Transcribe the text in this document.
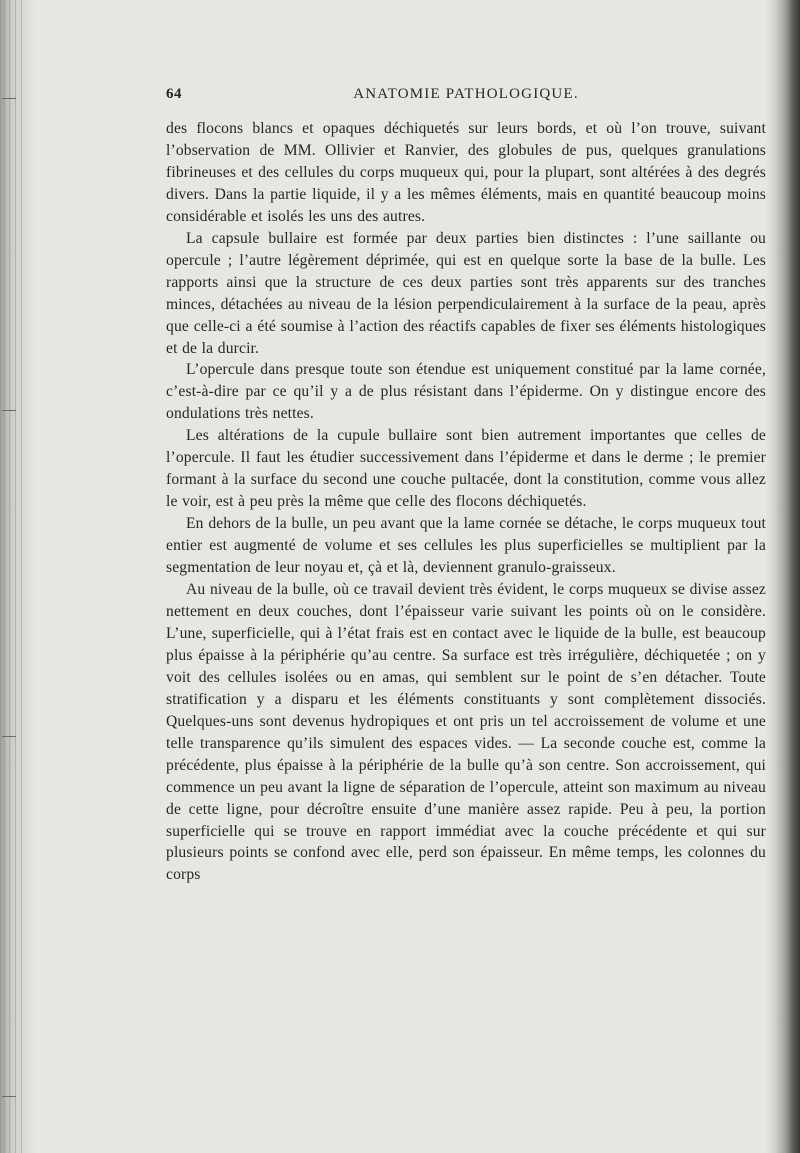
64	ANATOMIE PATHOLOGIQUE.

des flocons blancs et opaques déchiquetés sur leurs bords, et où l’on trouve, suivant l’observation de MM. Ollivier et Ranvier, des globules de pus, quelques granulations fibrineuses et des cellules du corps muqueux qui, pour la plupart, sont altérées à des degrés divers. Dans la partie liquide, il y a les mêmes éléments, mais en quantité beaucoup moins considérable et isolés les uns des autres.

La capsule bullaire est formée par deux parties bien distinctes : l’une saillante ou opercule ; l’autre légèrement déprimée, qui est en quelque sorte la base de la bulle. Les rapports ainsi que la structure de ces deux parties sont très apparents sur des tranches minces, détachées au niveau de la lésion perpendiculairement à la surface de la peau, après que celle-ci a été soumise à l’action des réactifs capables de fixer ses éléments histologiques et de la durcir.

L’opercule dans presque toute son étendue est uniquement constitué par la lame cornée, c’est-à-dire par ce qu’il y a de plus résistant dans l’épiderme. On y distingue encore des ondulations très nettes.

Les altérations de la cupule bullaire sont bien autrement importantes que celles de l’opercule. Il faut les étudier successivement dans l’épiderme et dans le derme ; le premier formant à la surface du second une couche pultacée, dont la constitution, comme vous allez le voir, est à peu près la même que celle des flocons déchiquetés.

En dehors de la bulle, un peu avant que la lame cornée se détache, le corps muqueux tout entier est augmenté de volume et ses cellules les plus superficielles se multiplient par la segmentation de leur noyau et, çà et là, deviennent granulo-graisseux.

Au niveau de la bulle, où ce travail devient très évident, le corps muqueux se divise assez nettement en deux couches, dont l’épaisseur varie suivant les points où on le considère. L’une, superficielle, qui à l’état frais est en contact avec le liquide de la bulle, est beaucoup plus épaisse à la périphérie qu’au centre. Sa surface est très irrégulière, déchiquetée ; on y voit des cellules isolées ou en amas, qui semblent sur le point de s’en détacher. Toute stratification y a disparu et les éléments constituants y sont complètement dissociés. Quelques-uns sont devenus hydropiques et ont pris un tel accroissement de volume et une telle transparence qu’ils simulent des espaces vides. — La seconde couche est, comme la précédente, plus épaisse à la périphérie de la bulle qu’à son centre. Son accroissement, qui commence un peu avant la ligne de séparation de l’opercule, atteint son maximum au niveau de cette ligne, pour décroître ensuite d’une manière assez rapide. Peu à peu, la portion superficielle qui se trouve en rapport immédiat avec la couche précédente et qui sur plusieurs points se confond avec elle, perd son épaisseur. En même temps, les colonnes du corps
